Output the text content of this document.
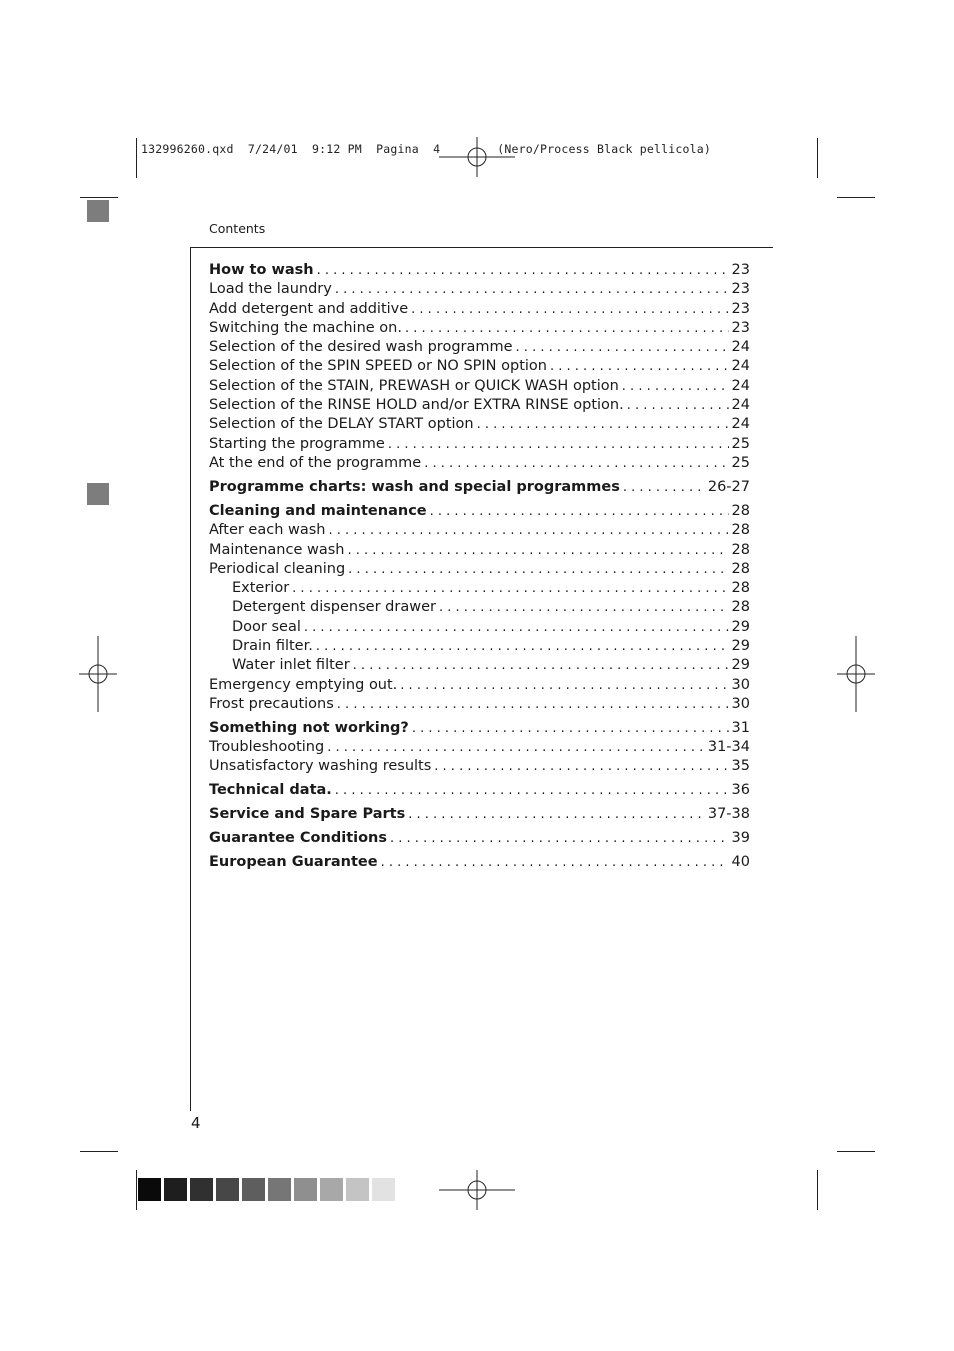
132996260.qxd 7/24/01 9:12 PM Pagina 4	(Nero/Process Black pellicola)
Contents
How to wash . . .	23
Load the laundry . . .	23
Add detergent and additive . . .	23
Switching the machine on. . . .	23
Selection of the desired wash programme . . .	24
Selection of the SPIN SPEED or NO SPIN option . . .	24
Selection of the STAIN, PREWASH or QUICK WASH option . . .	24
Selection of the RINSE HOLD and/or EXTRA RINSE option. . . .	24
Selection of the DELAY START option . . .	24
Starting the programme . . .	25
At the end of the programme . . .	25
Programme charts: wash and special programmes . . .	26-27
Cleaning and maintenance . . .	28
After each wash . . .	28
Maintenance wash . . .	28
Periodical cleaning . . .	28
Exterior . . .	28
Detergent dispenser drawer . . .	28
Door seal . . .	29
Drain filter. . . .	29
Water inlet filter . . .	29
Emergency emptying out. . . .	30
Frost precautions . . .	30
Something not working? . . .	31
Troubleshooting . . .	31-34
Unsatisfactory washing results . . .	35
Technical data. . . .	36
Service and Spare Parts . . .	37-38
Guarantee Conditions . . .	39
European Guarantee . . .	40
4
